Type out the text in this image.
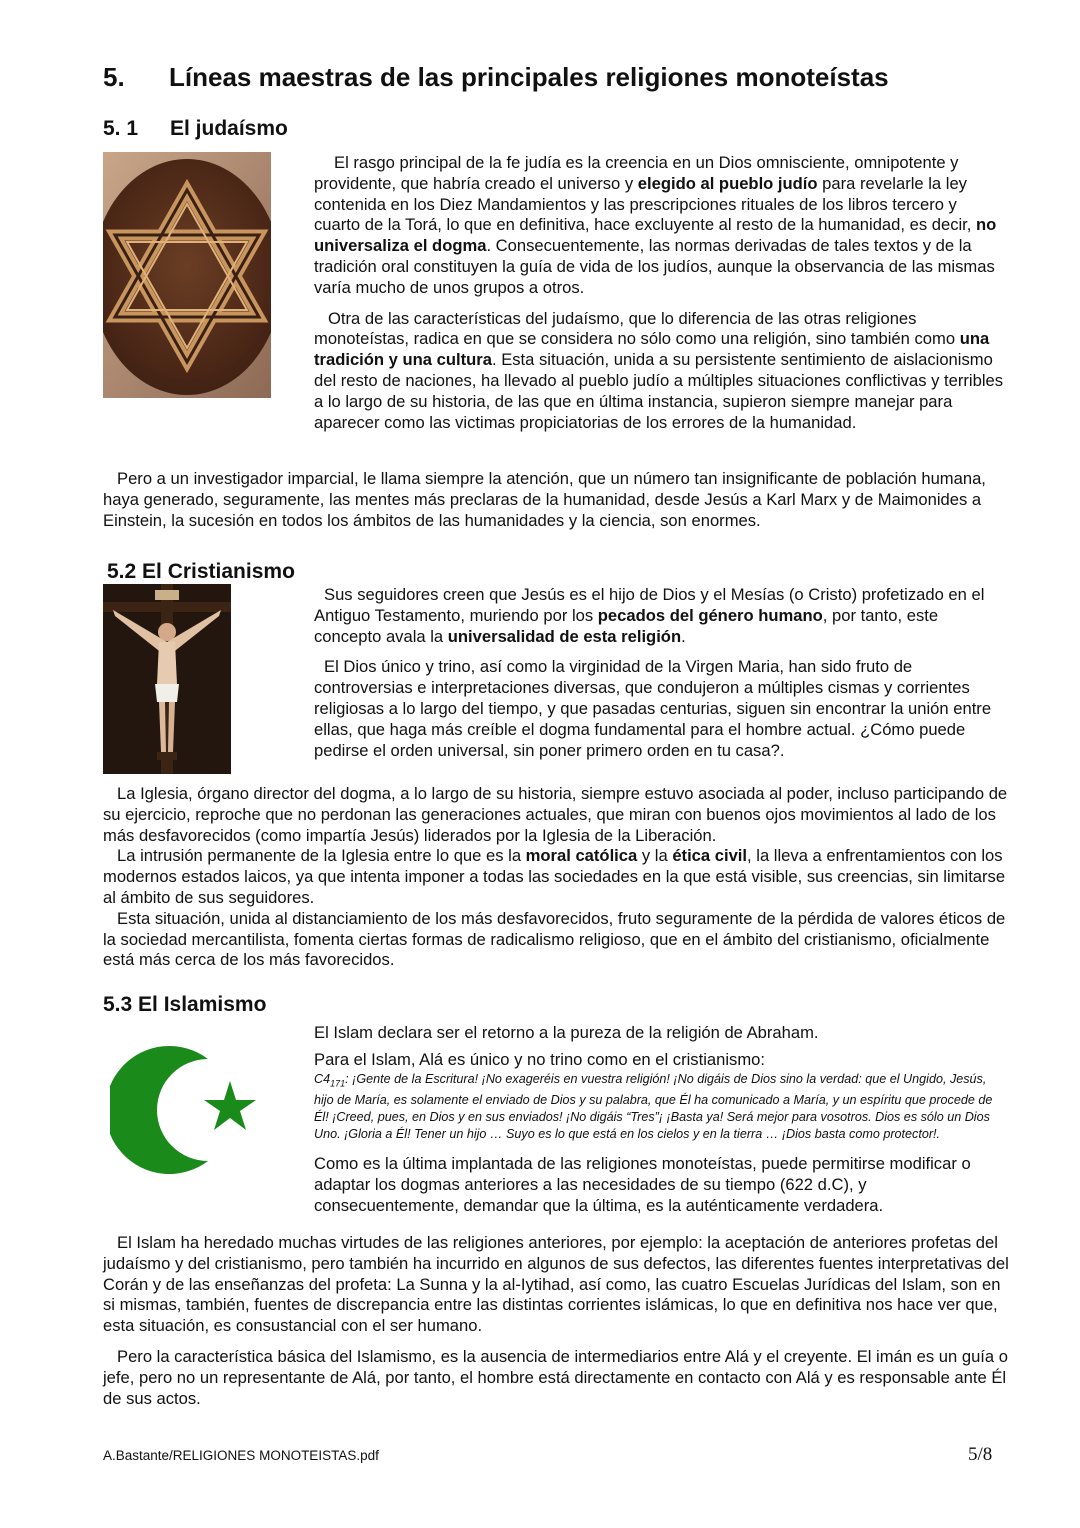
5. Líneas maestras de las principales religiones monoteístas
5. 1 El judaísmo

El rasgo principal de la fe judía es la creencia en un Dios omnisciente, omnipotente y providente, que habría creado el universo y elegido al pueblo judío para revelarle la ley contenida en los Diez Mandamientos y las prescripciones rituales de los libros tercero y cuarto de la Torá, lo que en definitiva, hace excluyente al resto de la humanidad, es decir, no universaliza el dogma. Consecuentemente, las normas derivadas de tales textos y de la tradición oral constituyen la guía de vida de los judíos, aunque la observancia de las mismas varía mucho de unos grupos a otros.

Otra de las características del judaísmo, que lo diferencia de las otras religiones monoteístas, radica en que se considera no sólo como una religión, sino también como una tradición y una cultura. Esta situación, unida a su persistente sentimiento de aislacionismo del resto de naciones, ha llevado al pueblo judío a múltiples situaciones conflictivas y terribles a lo largo de su historia, de las que en última instancia, supieron siempre manejar para aparecer como las victimas propiciatorias de los errores de la humanidad.

Pero a un investigador imparcial, le llama siempre la atención, que un número tan insignificante de población humana, haya generado, seguramente, las mentes más preclaras de la humanidad, desde Jesús a Karl Marx y de Maimonides a Einstein, la sucesión en todos los ámbitos de las humanidades y la ciencia, son enormes.

5.2 El Cristianismo

Sus seguidores creen que Jesús es el hijo de Dios y el Mesías (o Cristo) profetizado en el Antiguo Testamento, muriendo por los pecados del género humano, por tanto, este concepto avala la universalidad de esta religión.

El Dios único y trino, así como la virginidad de la Virgen Maria, han sido fruto de controversias e interpretaciones diversas, que condujeron a múltiples cismas y corrientes religiosas a lo largo del tiempo, y que pasadas centurias, siguen sin encontrar la unión entre ellas, que haga más creíble el dogma fundamental para el hombre actual. ¿Cómo puede pedirse el orden universal, sin poner primero orden en tu casa?.

La Iglesia, órgano director del dogma, a lo largo de su historia, siempre estuvo asociada al poder, incluso participando de su ejercicio, reproche que no perdonan las generaciones actuales, que miran con buenos ojos movimientos al lado de los más desfavorecidos (como impartía Jesús) liderados por la Iglesia de la Liberación.

La intrusión permanente de la Iglesia entre lo que es la moral católica y la ética civil, la lleva a enfrentamientos con los modernos estados laicos, ya que intenta imponer a todas las sociedades en la que está visible, sus creencias, sin limitarse al ámbito de sus seguidores.

Esta situación, unida al distanciamiento de los más desfavorecidos, fruto seguramente de la pérdida de valores éticos de la sociedad mercantilista, fomenta ciertas formas de radicalismo religioso, que en el ámbito del cristianismo, oficialmente está más cerca de los más favorecidos.

5.3 El Islamismo

El Islam declara ser el retorno a la pureza de la religión de Abraham.

Para el Islam, Alá es único y no trino como en el cristianismo:

$C4_{171}$: ¡Gente de la Escritura! ¡No exageréis en vuestra religión! ¡No digáis de Dios sino la verdad: que el Ungido, Jesús, hijo de María, es solamente el enviado de Dios y su palabra, que Él ha comunicado a María, y un espíritu que procede de Él! ¡Creed, pues, en Dios y en sus enviados! ¡No digáis “Tres”¡ ¡Basta ya! Será mejor para vosotros. Dios es sólo un Dios Uno. ¡Gloria a Él! Tener un hijo … Suyo es lo que está en los cielos y en la tierra … ¡Dios basta como protector!.

Como es la última implantada de las religiones monoteístas, puede permitirse modificar o adaptar los dogmas anteriores a las necesidades de su tiempo (622 d.C), y consecuentemente, demandar que la última, es la auténticamente verdadera.

El Islam ha heredado muchas virtudes de las religiones anteriores, por ejemplo: la aceptación de anteriores profetas del judaísmo y del cristianismo, pero también ha incurrido en algunos de sus defectos, las diferentes fuentes interpretativas del Corán y de las enseñanzas del profeta: La Sunna y la al-Iytihad, así como, las cuatro Escuelas Jurídicas del Islam, son en si mismas, también, fuentes de discrepancia entre las distintas corrientes islámicas, lo que en definitiva nos hace ver que, esta situación, es consustancial con el ser humano.

Pero la característica básica del Islamismo, es la ausencia de intermediarios entre Alá y el creyente. El imán es un guía o jefe, pero no un representante de Alá, por tanto, el hombre está directamente en contacto con Alá y es responsable ante Él de sus actos.

A.Bastante/RELIGIONES MONOTEISTAS.pdf	5/8
